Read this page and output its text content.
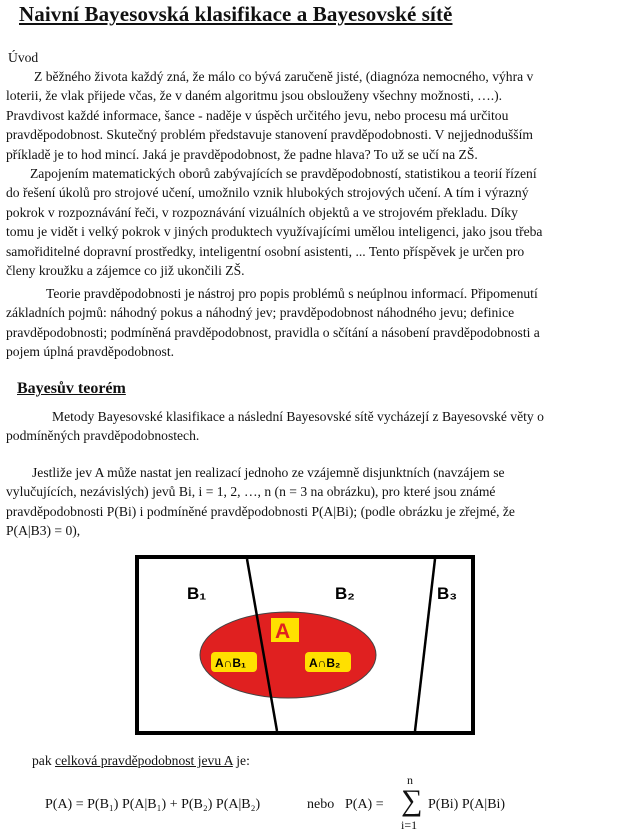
Naivní Bayesovská klasifikace a Bayesovské sítě

Úvod

Z běžného života každý zná, že málo co bývá zaručeně jisté, (diagnóza nemocného, výhra v
loterii, že vlak přijede včas, že v daném algoritmu jsou obslouženy všechny možnosti, ….).
Pravdivost každé informace, šance - naděje v úspěch určitého jevu, nebo procesu má určitou
pravděpodobnost. Skutečný problém představuje stanovení pravděpodobnosti. V nejjednodušším
příkladě je to hod mincí. Jaká je pravděpodobnost, že padne hlava? To už se učí na ZŠ.
Zapojením matematických oborů zabývajících se pravděpodobností, statistikou a teorií řízení
do řešení úkolů pro strojové učení, umožnilo vznik hlubokých strojových učení. A tím i výrazný
pokrok v rozpoznávání řeči, v rozpoznávání vizuálních objektů a ve strojovém překladu. Díky
tomu je vidět i velký pokrok v jiných produktech využívajícími umělou inteligenci, jako jsou třeba
samořiditelné dopravní prostředky, inteligentní osobní asistenti, ... Tento příspěvek je určen pro
členy kroužku a zájemce co již ukončili ZŠ.
Teorie pravděpodobnosti je nástroj pro popis problémů s neúplnou informací. Připomenutí
základních pojmů: náhodný pokus a náhodný jev; pravděpodobnost náhodného jevu; definice
pravděpodobnosti; podmíněná pravděpodobnost, pravidla o sčítání a násobení pravděpodobnosti a
pojem úplná pravděpodobnost.
Bayesův teorém
Metody Bayesovské klasifikace a následní Bayesovské sítě vycházejí z Bayesovské věty o
podmíněných pravděpodobnostech.
Jestliže jev A může nastat jen realizací jednoho ze vzájemně disjunktních (navzájem se
vylučujících, nezávislých) jevů Bi, i = 1, 2, …, n (n = 3 na obrázku), pro které jsou známé
pravděpodobnosti P(Bi) i podmíněné pravděpodobnosti P(A|Bi); (podle obrázku je zřejmé, že
P(A|B3) = 0),
B₁	B₂	B₃
A
A∩B₁	A∩B₂
pak celková pravděpodobnost jevu A je:
P(A) = P(B₁) P(A|B₁) + P(B₂) P(A|B₂)	nebo P(A) =
n
∑
i=1
P(Bi) P(A|Bi)
